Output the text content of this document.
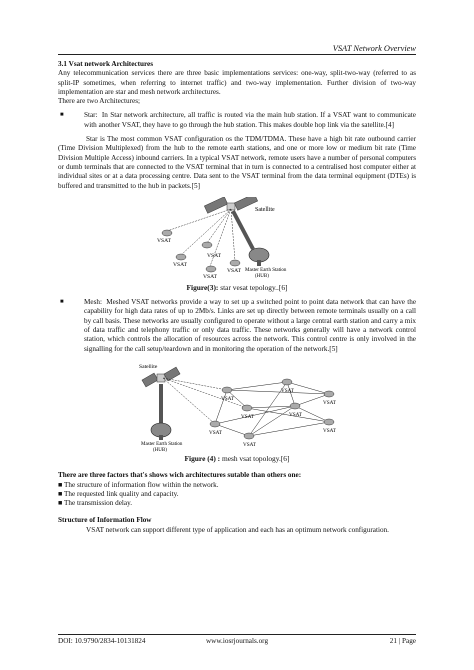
VSAT Network Overview

3.1 Vsat network Architectures

Any telecommunication services there are three basic implementations services: one-way, split-two-way (referred to as split-IP sometimes, when referring to internet traffic) and two-way implementation. Further division of two-way implementation are star and mesh network architectures.

There are two Architectures;

■	Star: In Star network architecture, all traffic is routed via the main hub station. If a VSAT want to communicate with another VSAT, they have to go through the hub station. This makes double hop link via the satellite.[4]

Star is The most common VSAT configuration os the TDM/TDMA. These have a high bit rate outbound carrier (Time Division Multiplexed) from the hub to the remote earth stations, and one or more low or medium bit rate (Time Division Multiple Access) inbound carriers. In a typical VSAT network, remote users have a number of personal computers or dumb terminals that are connected to the VSAT terminal that in turn is connected to a centralised host computer either at individual sites or at a data processing centre. Data sent to the VSAT terminal from the data terminal equipment (DTEs) is buffered and transmitted to the hub in packets.[5]

Satellite
VSAT
VSAT
VSAT
VSAT
VSAT Master Earth Station
(HUB)
Figure(3): star vesat tepology..[6]
■	Mesh: Meshed VSAT networks provide a way to set up a switched point to point data network that can have the capability for high data rates of up to 2Mb/s. Links are set up directly between remote terminals usually on a call by call basis. These networks are usually configured to operate without a large central earth station and carry a mix of data traffic and telephony traffic or only data traffic. These networks generally will have a network control station, which controls the allocation of resources across the network. This control centre is only involved in the signalling for the call setup/teardown and in monitoring the operation of the network.[5]
Satellite
VSAT
VSAT
VSAT
VSAT	VSAT
VSAT
VSAT
VSAT
Master Earth Station
(HUB)
Figure (4) : mesh vsat topology.[6]

There are three factors that's shows wich architectures sutable than others one:

■ The structure of information flow within the network.

■ The requested link quality and capacity.

■ The transmission delay.

Structure of Information Flow

VSAT network can support different type of application and each has an optimum network configuration.

DOI: 10.9790/2834-10131824	www.iosrjournals.org	21 | Page
